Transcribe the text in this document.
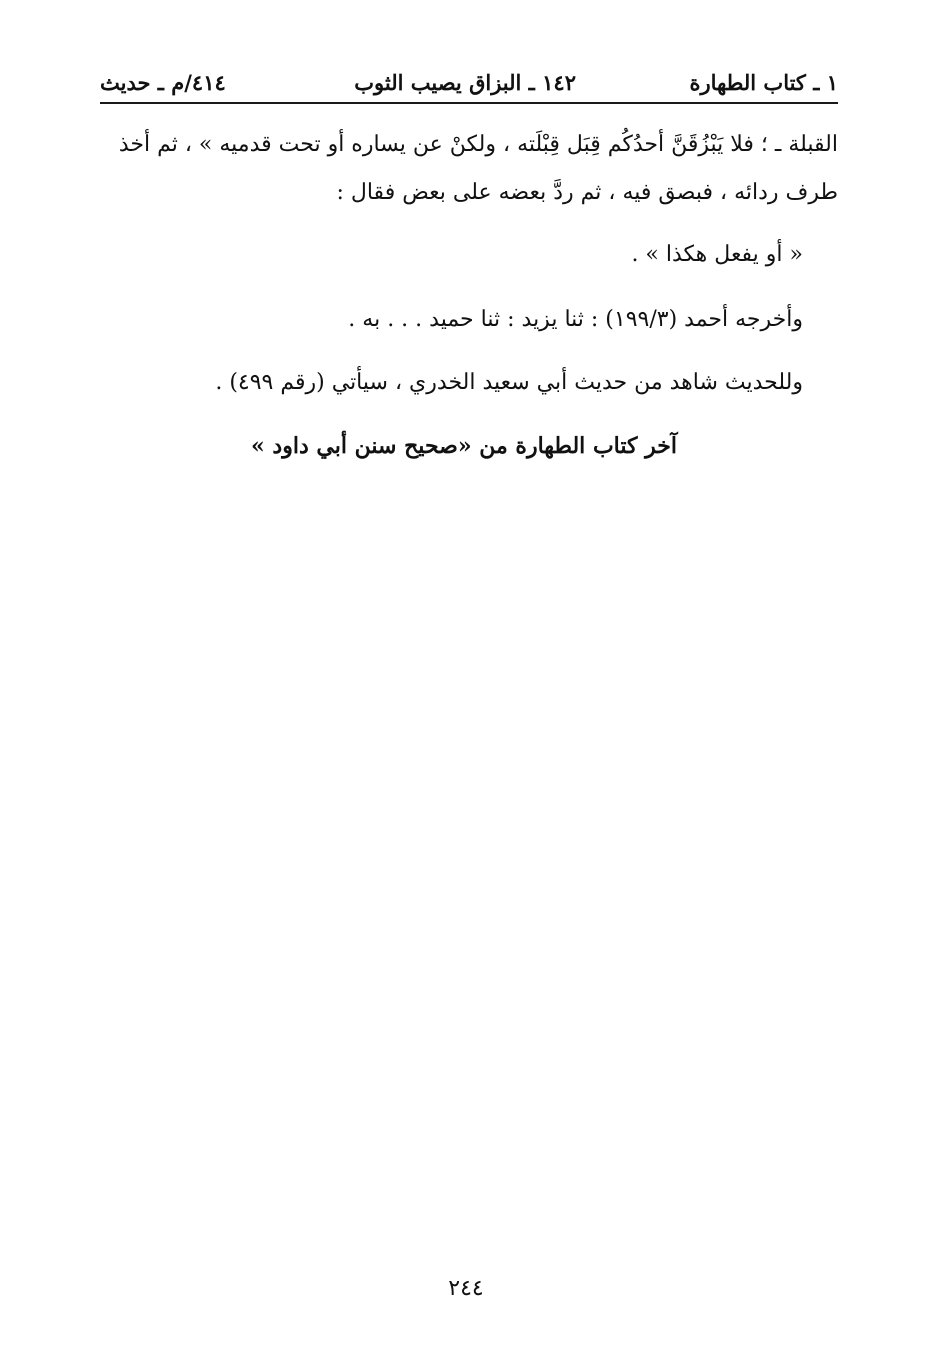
١ ـ كتاب الطهارة
١٤٢ ـ البزاق يصيب الثوب
٤١٤/م ـ حديث
القبلة ـ ؛ فلا يَبْزُقَنَّ أحدُكُم قِبَل قِبْلَته ، ولكنْ عن يساره أو تحت قدميه » ، ثم أخذ
طرف ردائه ، فبصق فيه ، ثم ردَّ بعضه على بعض فقال :
« أو يفعل هكذا » .
وأخرجه أحمد (١٩٩/٣) : ثنا يزيد : ثنا حميد . . . به .
وللحديث شاهد من حديث أبي سعيد الخدري ، سيأتي (رقم ٤٩٩) .
آخر كتاب الطهارة من «صحيح سنن أبي داود »
٢٤٤
